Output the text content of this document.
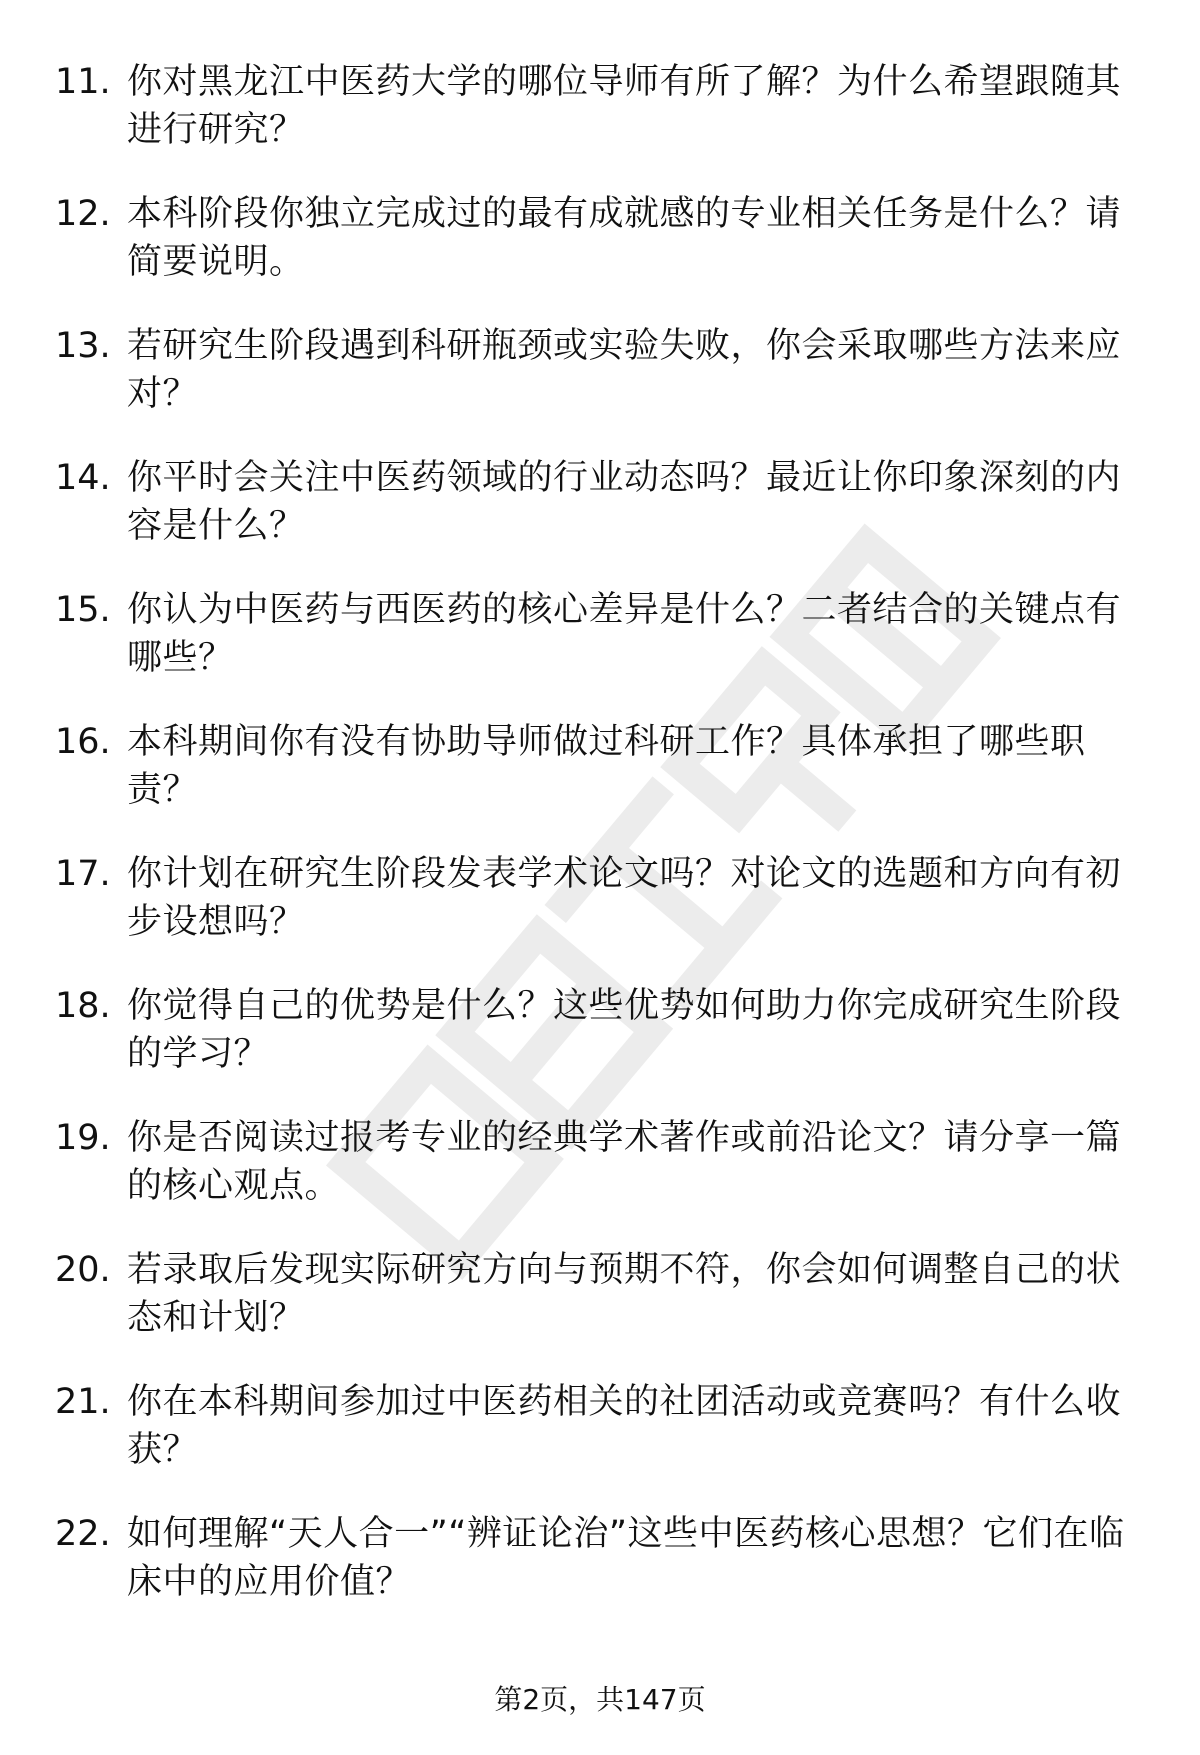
11. 你对黑龙江中医药大学的哪位导师有所了解？为什么希望跟随其进行研究？
12. 本科阶段你独立完成过的最有成就感的专业相关任务是什么？请简要说明。
13. 若研究生阶段遇到科研瓶颈或实验失败，你会采取哪些方法来应对？
14. 你平时会关注中医药领域的行业动态吗？最近让你印象深刻的内容是什么？
15. 你认为中医药与西医药的核心差异是什么？二者结合的关键点有哪些？
16. 本科期间你有没有协助导师做过科研工作？具体承担了哪些职责？
17. 你计划在研究生阶段发表学术论文吗？对论文的选题和方向有初步设想吗？
18. 你觉得自己的优势是什么？这些优势如何助力你完成研究生阶段的学习？
19. 你是否阅读过报考专业的经典学术著作或前沿论文？请分享一篇的核心观点。
20. 若录取后发现实际研究方向与预期不符，你会如何调整自己的状态和计划？
21. 你在本科期间参加过中医药相关的社团活动或竞赛吗？有什么收获？
22. 如何理解“天人合一”“辨证论治”这些中医药核心思想？它们在临床中的应用价值？
第2页，共147页
